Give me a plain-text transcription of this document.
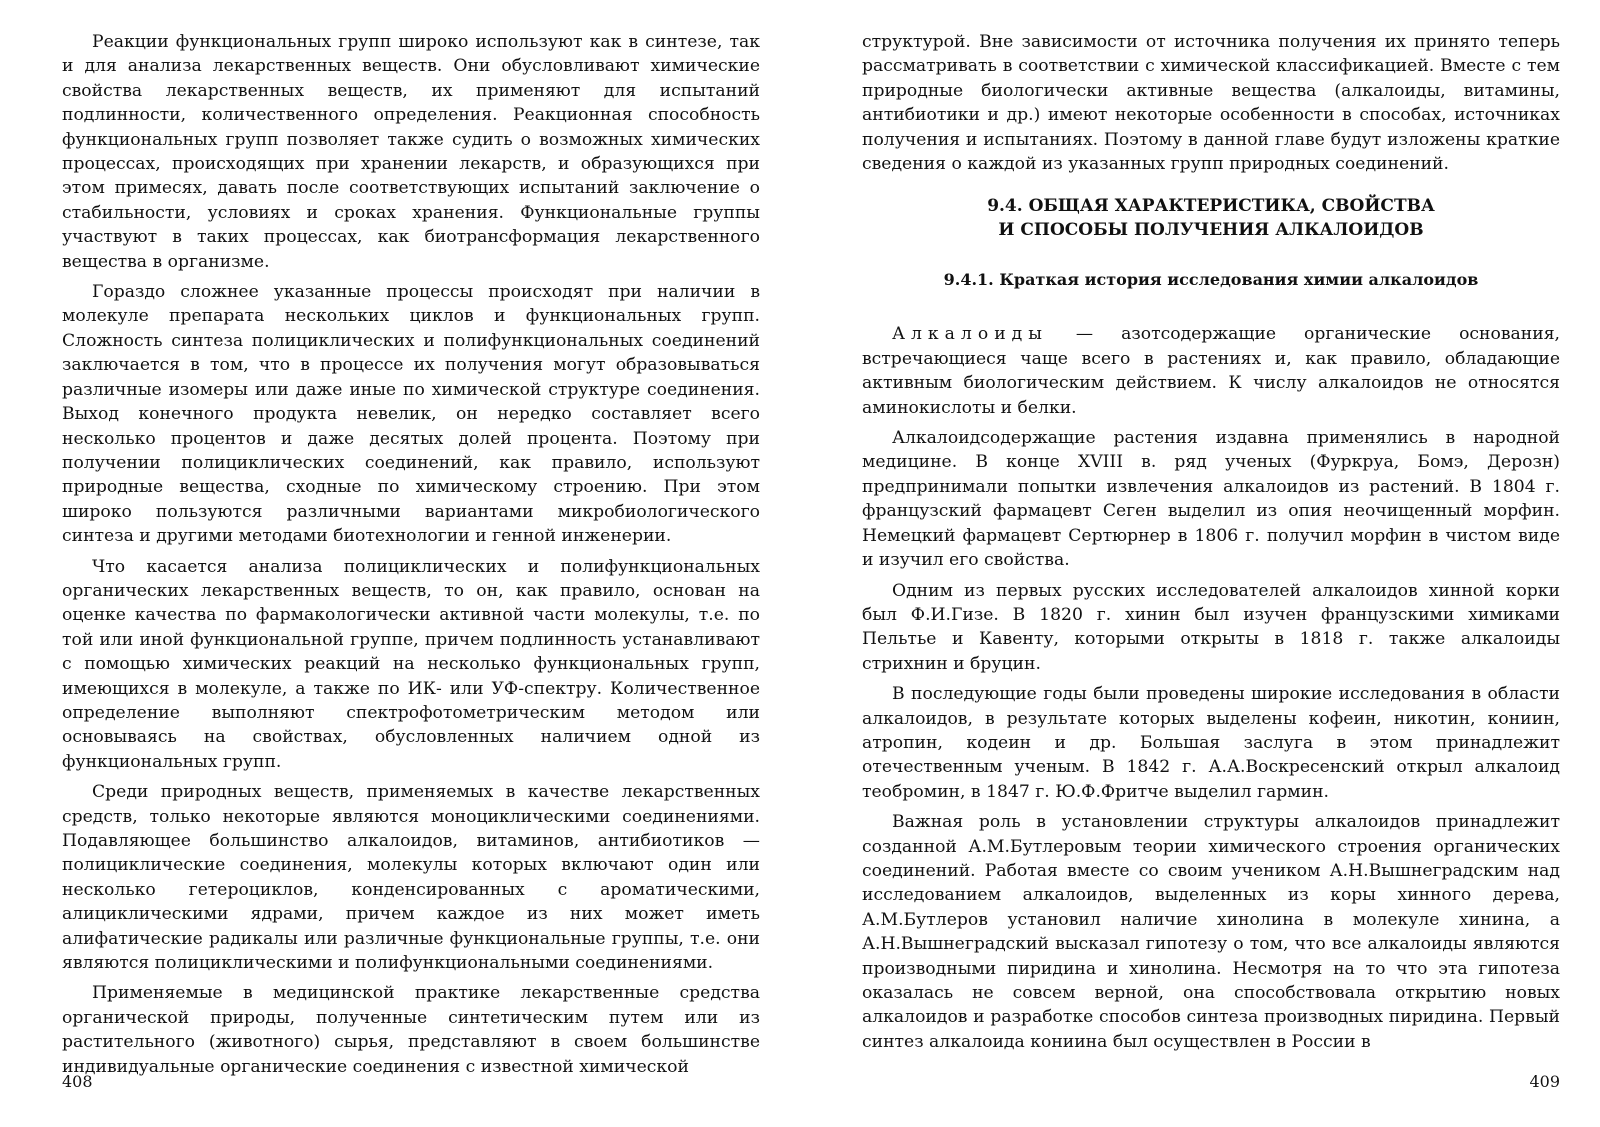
Реакции функциональных групп широко используют как в синтезе, так и для анализа лекарственных веществ. Они обусловливают химические свойства лекарственных веществ, их применяют для испытаний подлинности, количественного определения. Реакционная способность функциональных групп позволяет также судить о возможных химических процессах, происходящих при хранении лекарств, и образующихся при этом примесях, давать после соответствующих испытаний заключение о стабильности, условиях и сроках хранения. Функциональные группы участвуют в таких процессах, как биотрансформация лекарственного вещества в организме.

Гораздо сложнее указанные процессы происходят при наличии в молекуле препарата нескольких циклов и функциональных групп. Сложность синтеза полициклических и полифункциональных соединений заключается в том, что в процессе их получения могут образовываться различные изомеры или даже иные по химической структуре соединения. Выход конечного продукта невелик, он нередко составляет всего несколько процентов и даже десятых долей процента. Поэтому при получении полициклических соединений, как правило, используют природные вещества, сходные по химическому строению. При этом широко пользуются различными вариантами микробиологического синтеза и другими методами биотехнологии и генной инженерии.

Что касается анализа полициклических и полифункциональных органических лекарственных веществ, то он, как правило, основан на оценке качества по фармакологически активной части молекулы, т.е. по той или иной функциональной группе, причем подлинность устанавливают с помощью химических реакций на несколько функциональных групп, имеющихся в молекуле, а также по ИК- или УФ-спектру. Количественное определение выполняют спектрофотометрическим методом или основываясь на свойствах, обусловленных наличием одной из функциональных групп.

Среди природных веществ, применяемых в качестве лекарственных средств, только некоторые являются моноциклическими соединениями. Подавляющее большинство алкалоидов, витаминов, антибиотиков — полициклические соединения, молекулы которых включают один или несколько гетероциклов, конденсированных с ароматическими, алициклическими ядрами, причем каждое из них может иметь алифатические радикалы или различные функциональные группы, т.е. они являются полициклическими и полифункциональными соединениями.

Применяемые в медицинской практике лекарственные средства органической природы, полученные синтетическим путем или из растительного (животного) сырья, представляют в своем большинстве индивидуальные органические соединения с известной химической

408

структурой. Вне зависимости от источника получения их принято теперь рассматривать в соответствии с химической классификацией. Вместе с тем природные биологически активные вещества (алкалоиды, витамины, антибиотики и др.) имеют некоторые особенности в способах, источниках получения и испытаниях. Поэтому в данной главе будут изложены краткие сведения о каждой из указанных групп природных соединений.

9.4. ОБЩАЯ ХАРАКТЕРИСТИКА, СВОЙСТВА
И СПОСОБЫ ПОЛУЧЕНИЯ АЛКАЛОИДОВ
9.4.1. Краткая история исследования химии алкалоидов

Алкалоиды — азотсодержащие органические основания, встречающиеся чаще всего в растениях и, как правило, обладающие активным биологическим действием. К числу алкалоидов не относятся аминокислоты и белки.

Алкалоидсодержащие растения издавна применялись в народной медицине. В конце XVIII в. ряд ученых (Фуркруа, Бомэ, Дерозн) предпринимали попытки извлечения алкалоидов из растений. В 1804 г. французский фармацевт Сеген выделил из опия неочищенный морфин. Немецкий фармацевт Сертюрнер в 1806 г. получил морфин в чистом виде и изучил его свойства.

Одним из первых русских исследователей алкалоидов хинной корки был Ф.И.Гизе. В 1820 г. хинин был изучен французскими химиками Пельтье и Кавенту, которыми открыты в 1818 г. также алкалоиды стрихнин и бруцин.

В последующие годы были проведены широкие исследования в области алкалоидов, в результате которых выделены кофеин, никотин, кониин, атропин, кодеин и др. Большая заслуга в этом принадлежит отечественным ученым. В 1842 г. А.А.Воскресенский открыл алкалоид теобромин, в 1847 г. Ю.Ф.Фритче выделил гармин.

Важная роль в установлении структуры алкалоидов принадлежит созданной А.М.Бутлеровым теории химического строения органических соединений. Работая вместе со своим учеником А.Н.Вышнеградским над исследованием алкалоидов, выделенных из коры хинного дерева, А.М.Бутлеров установил наличие хинолина в молекуле хинина, а А.Н.Вышнеградский высказал гипотезу о том, что все алкалоиды являются производными пиридина и хинолина. Несмотря на то что эта гипотеза оказалась не совсем верной, она способствовала открытию новых алкалоидов и разработке способов синтеза производных пиридина. Первый синтез алкалоида кониина был осуществлен в России в

409
